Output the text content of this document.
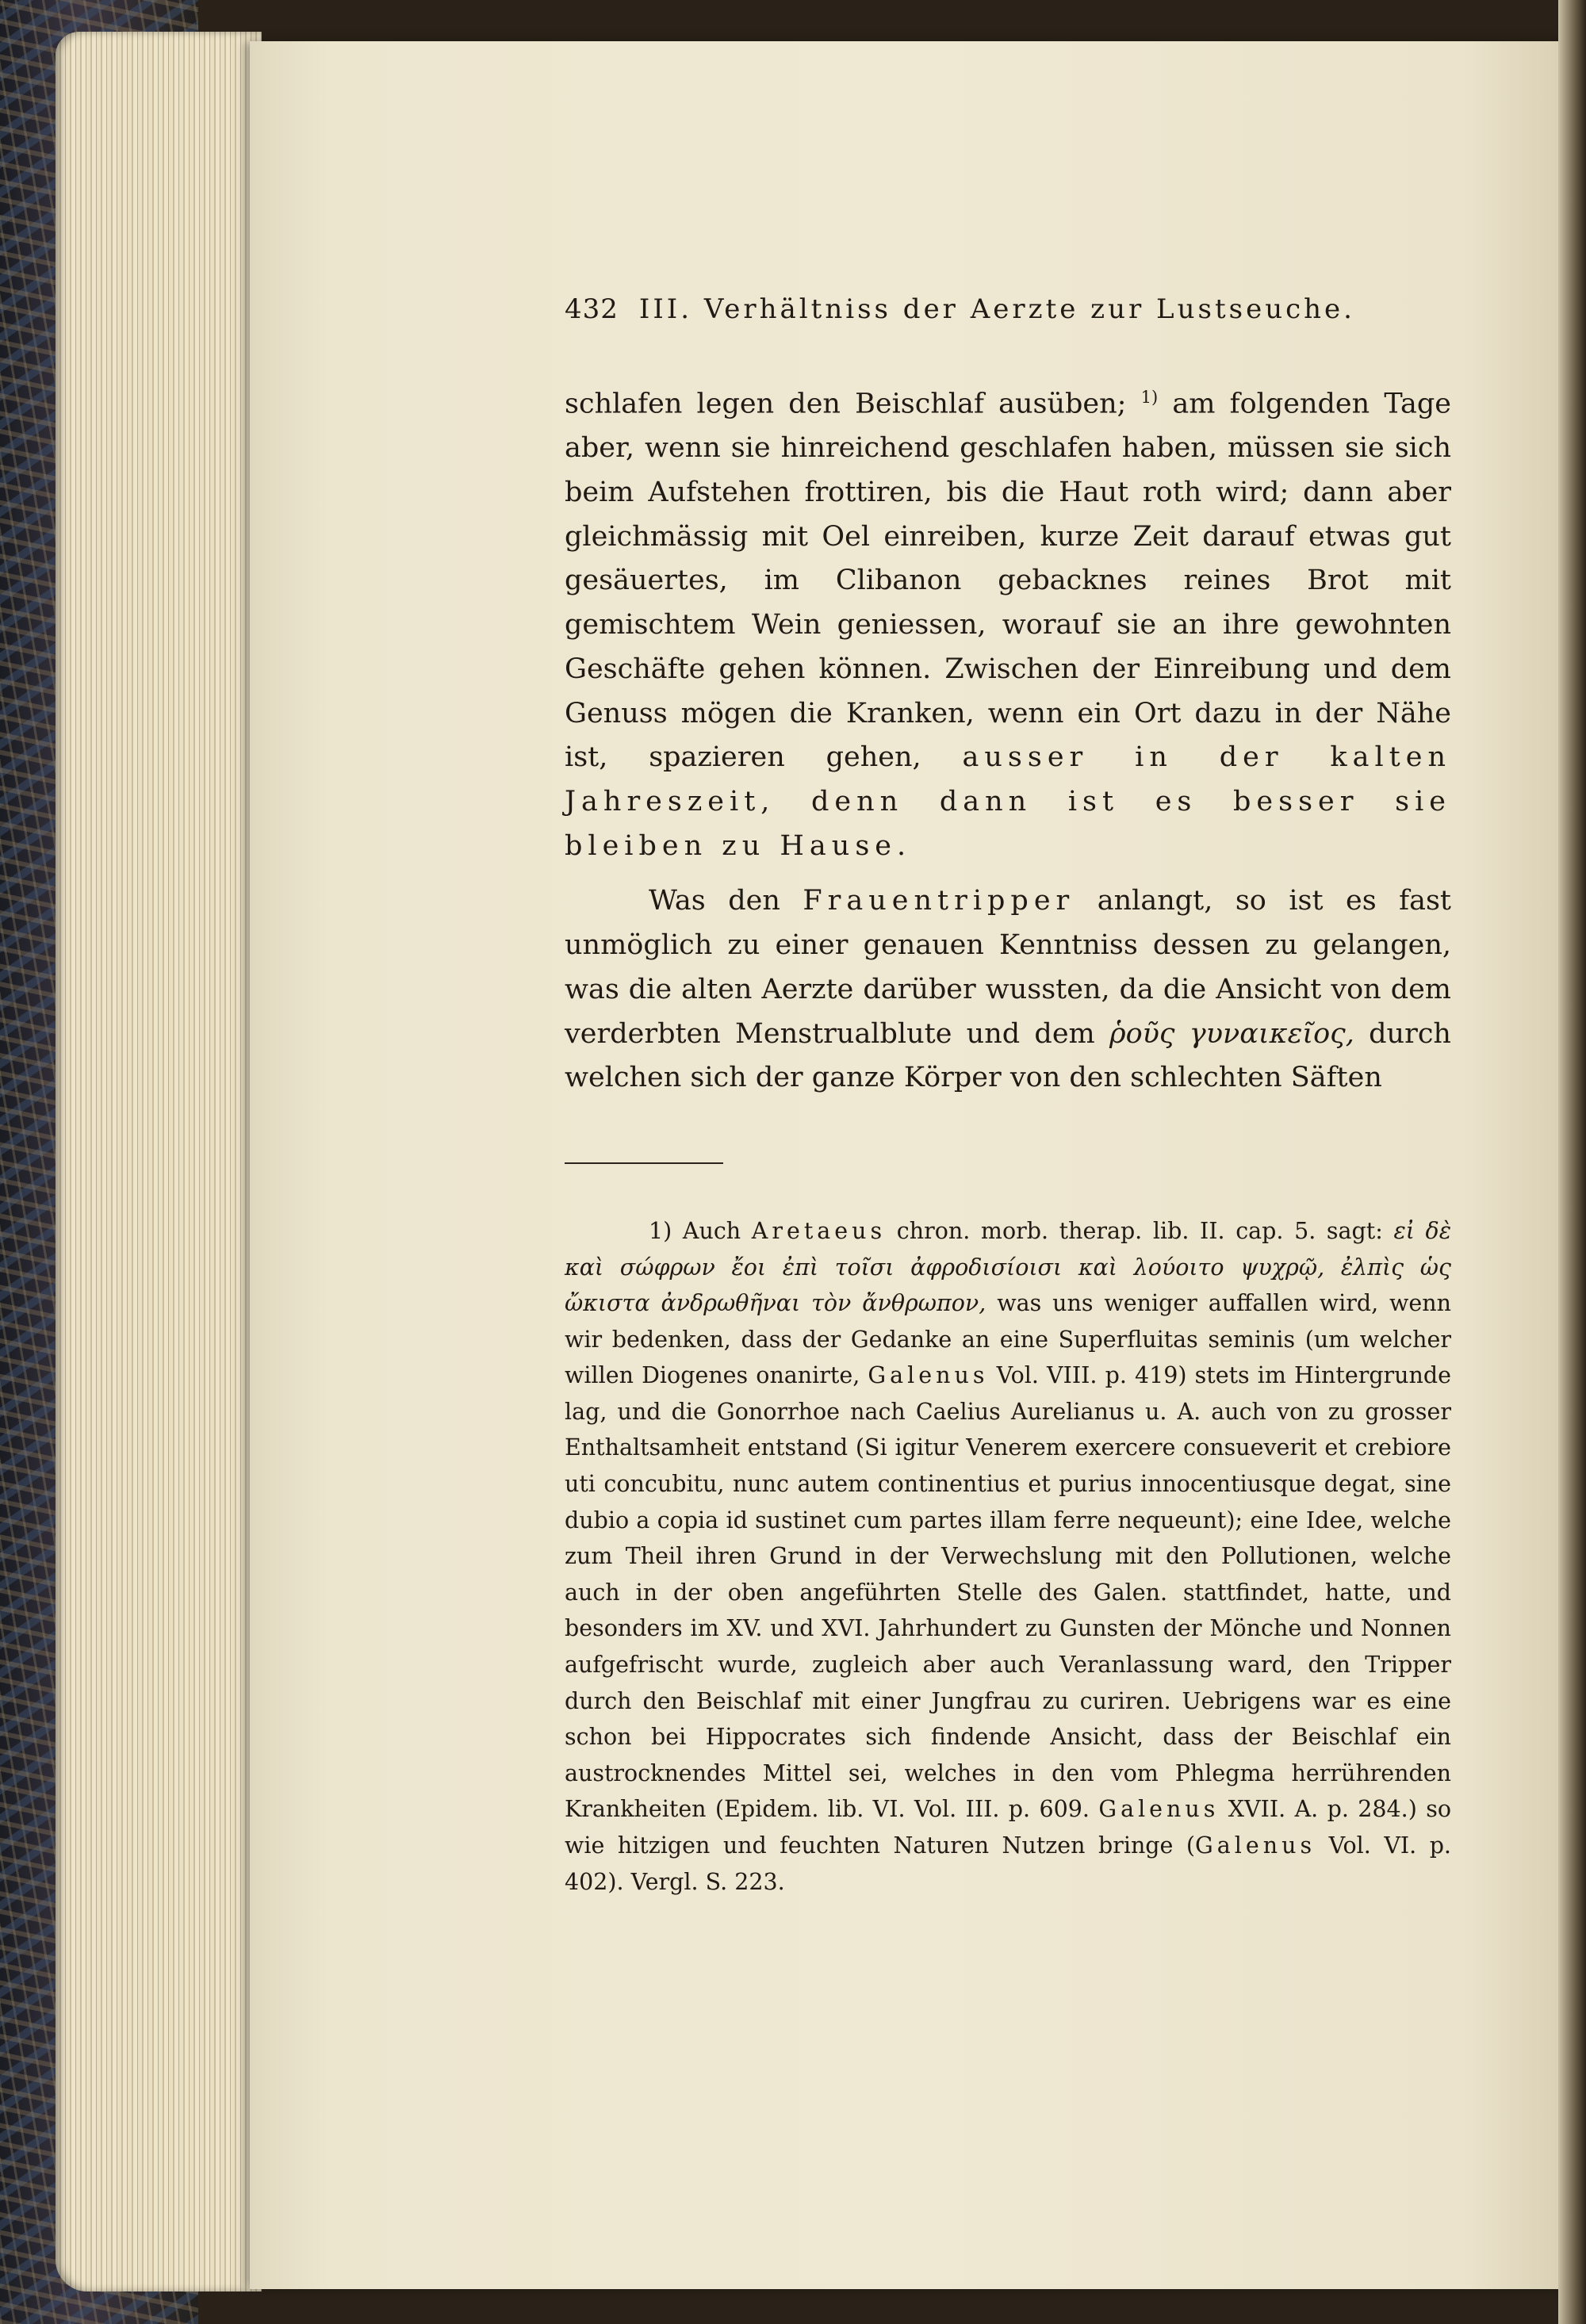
432 III. Verhältniss der Aerzte zur Lustseuche.

schlafen legen den Beischlaf ausüben; $^{1)}$ am folgenden Tage aber, wenn sie hinreichend geschlafen haben, müssen sie sich beim Aufstehen frottiren, bis die Haut roth wird; dann aber gleichmässig mit Oel einreiben, kurze Zeit darauf etwas gut gesäuertes, im Clibanon gebacknes reines Brot mit gemischtem Wein geniessen, worauf sie an ihre gewohnten Geschäfte gehen können. Zwischen der Einreibung und dem Genuss mögen die Kranken, wenn ein Ort dazu in der Nähe ist, spazieren gehen, ausser in der kalten Jahreszeit, denn dann ist es besser sie bleiben zu Hause.

Was den Frauentripper anlangt, so ist es fast unmöglich zu einer genauen Kenntniss dessen zu gelangen, was die alten Aerzte darüber wussten, da die Ansicht von dem verderbten Menstrualblute und dem ῥοῦς γυναικεῖος, durch welchen sich der ganze Körper von den schlechten Säften

1) Auch Aretaeus chron. morb. therap. lib. II. cap. 5. sagt: εἰ δὲ καὶ σώφρων ἔοι ἐπὶ τοῖσι ἀφροδισίοισι καὶ λούοιτο ψυχρῷ, ἐλπὶς ὡς ὤκιστα ἀνδρωθῆναι τὸν ἄνθρωπον, was uns weniger auffallen wird, wenn wir bedenken, dass der Gedanke an eine Superfluitas seminis (um welcher willen Diogenes onanirte, Galenus Vol. VIII. p. 419) stets im Hintergrunde lag, und die Gonorrhoe nach Caelius Aurelianus u. A. auch von zu grosser Enthaltsamheit entstand (Si igitur Venerem exercere consueverit et crebiore uti concubitu, nunc autem continentius et purius innocentiusque degat, sine dubio a copia id sustinet cum partes illam ferre nequeunt); eine Idee, welche zum Theil ihren Grund in der Verwechslung mit den Pollutionen, welche auch in der oben angeführten Stelle des Galen. stattfindet, hatte, und besonders im XV. und XVI. Jahrhundert zu Gunsten der Mönche und Nonnen aufgefrischt wurde, zugleich aber auch Veranlassung ward, den Tripper durch den Beischlaf mit einer Jungfrau zu curiren. Uebrigens war es eine schon bei Hippocrates sich findende Ansicht, dass der Beischlaf ein austrocknendes Mittel sei, welches in den vom Phlegma herrührenden Krankheiten (Epidem. lib. VI. Vol. III. p. 609. Galenus XVII. A. p. 284.) so wie hitzigen und feuchten Naturen Nutzen bringe (Galenus Vol. VI. p. 402). Vergl. S. 223.
